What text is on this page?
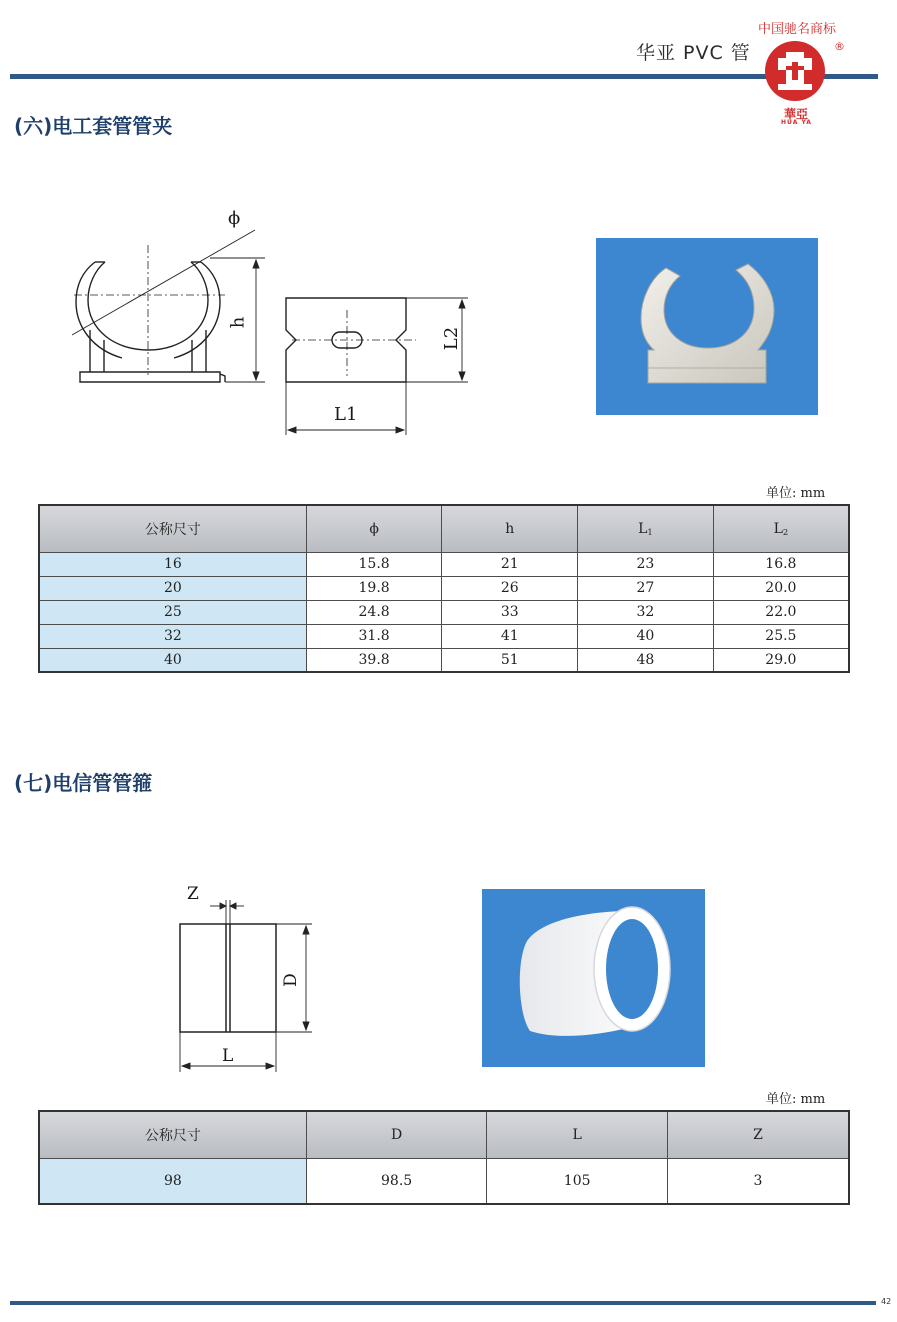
中国驰名商标
华亚 PVC 管	®
華亞
HUA YA
(六)电工套管管夹
ϕ
h
L2
L1
单位: mm
公称尺寸	ϕ	h	$L_1$	$L_2$
16	15.8	21	23	16.8
20	19.8	26	27	20.0
25	24.8	33	32	22.0
32	31.8	41	40	25.5
40	39.8	51	48	29.0
(七)电信管管箍
Z
D
L
单位: mm
公称尺寸	D	L	Z
98	98.5	105	3
42
